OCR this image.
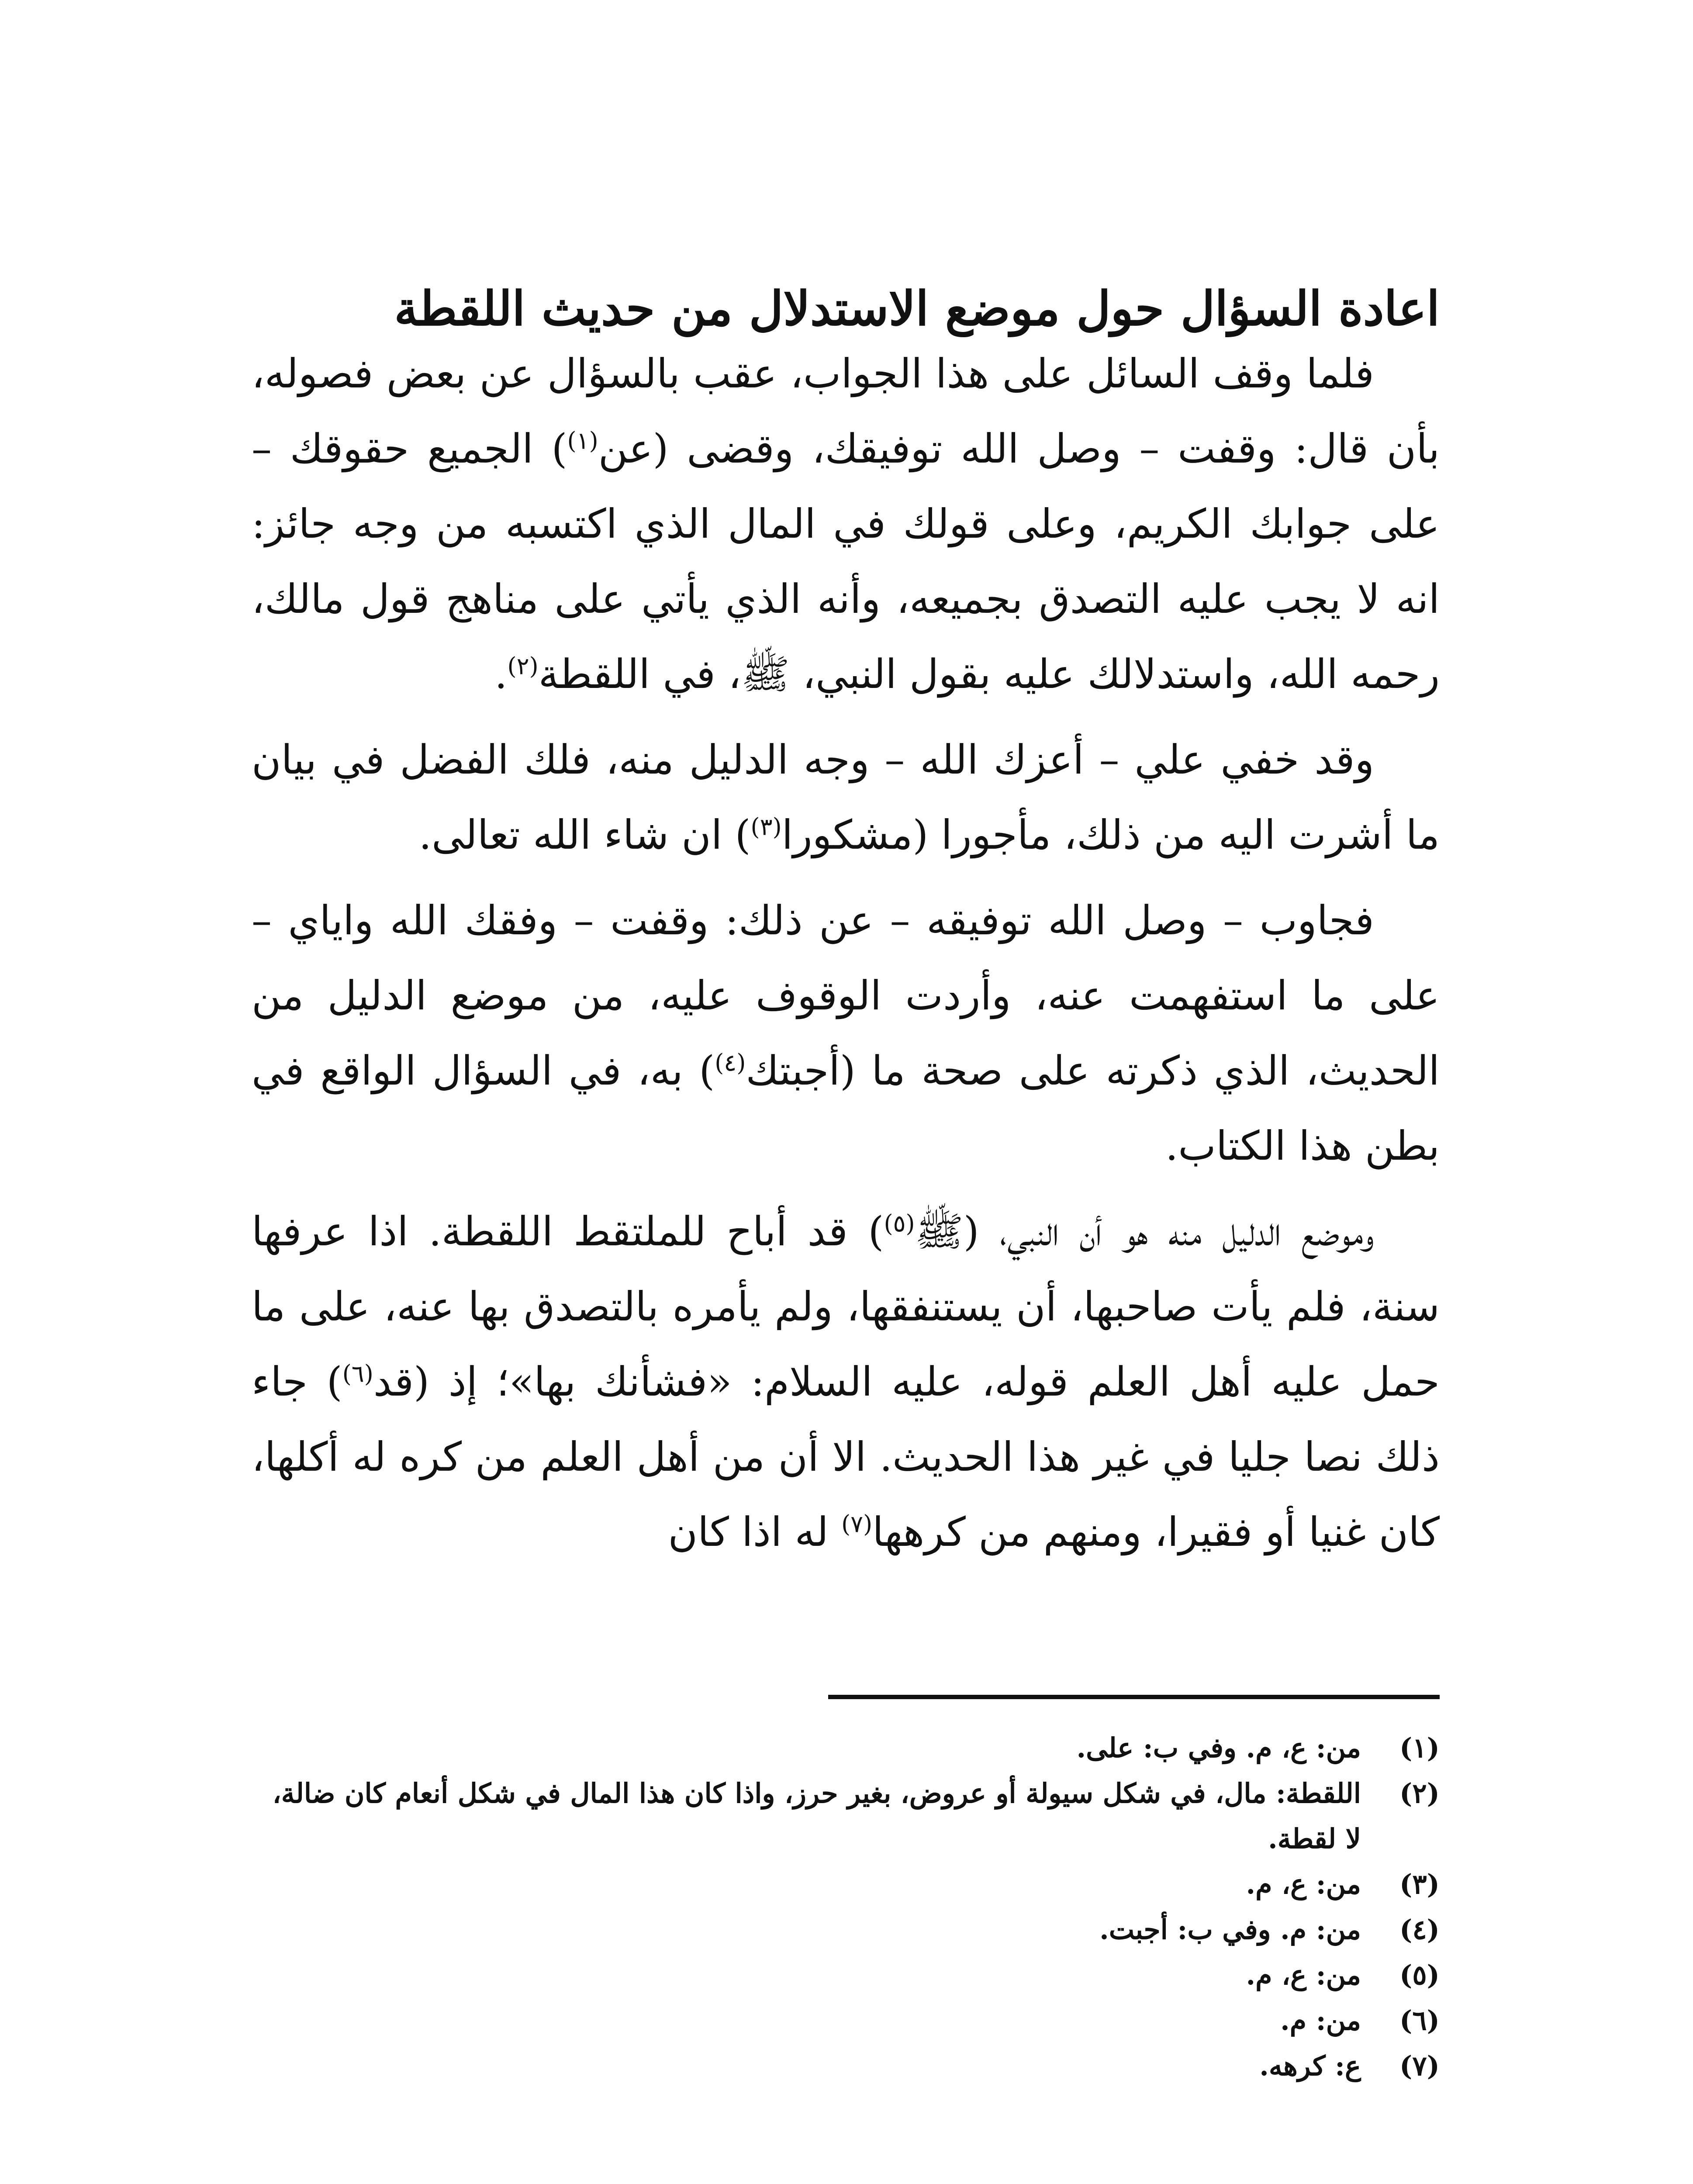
اعادة السؤال حول موضع الاستدلال من حديث اللقطة

فلما وقف السائل على هذا الجواب، عقب بالسؤال عن بعض فصوله، بأن قال: وقفت – وصل الله توفيقك، وقضى (عن$^{(١)}$) الجميع حقوقك – على جوابك الكريم، وعلى قولك في المال الذي اكتسبه من وجه جائز: انه لا يجب عليه التصدق بجميعه، وأنه الذي يأتي على مناهج قول مالك، رحمه الله، واستدلالك عليه بقول النبي، ﷺ، في اللقطة$^{(٢)}$.

وقد خفي علي – أعزك الله – وجه الدليل منه، فلك الفضل في بيان ما أشرت اليه من ذلك، مأجورا (مشكورا$^{(٣)}$) ان شاء الله تعالى.

فجاوب – وصل الله توفيقه – عن ذلك: وقفت – وفقك الله واياي – على ما استفهمت عنه، وأردت الوقوف عليه، من موضع الدليل من الحديث، الذي ذكرته على صحة ما (أجبتك$^{(٤)}$) به، في السؤال الواقع في بطن هذا الكتاب.

وموضع الدليل منه هو أن النبي، (ﷺ$^{(٥)}$) قد أباح للملتقط اللقطة. اذا عرفها سنة، فلم يأت صاحبها، أن يستنفقها، ولم يأمره بالتصدق بها عنه، على ما حمل عليه أهل العلم قوله، عليه السلام: «فشأنك بها»؛ إذ (قد$^{(٦)}$) جاء ذلك نصا جليا في غير هذا الحديث. الا أن من أهل العلم من كره له أكلها، كان غنيا أو فقيرا، ومنهم من كرهها$^{(٧)}$ له اذا كان

(١)
من: ع، م. وفي ب: على.
(٢)
اللقطة: مال، في شكل سيولة أو عروض، بغير حرز، واذا كان هذا المال في شكل أنعام كان ضالة، لا لقطة.
(٣)
من: ع، م.
(٤)
من: م. وفي ب: أجبت.
(٥)
من: ع، م.
(٦)
من: م.
(٧)
ع: كرهه.
